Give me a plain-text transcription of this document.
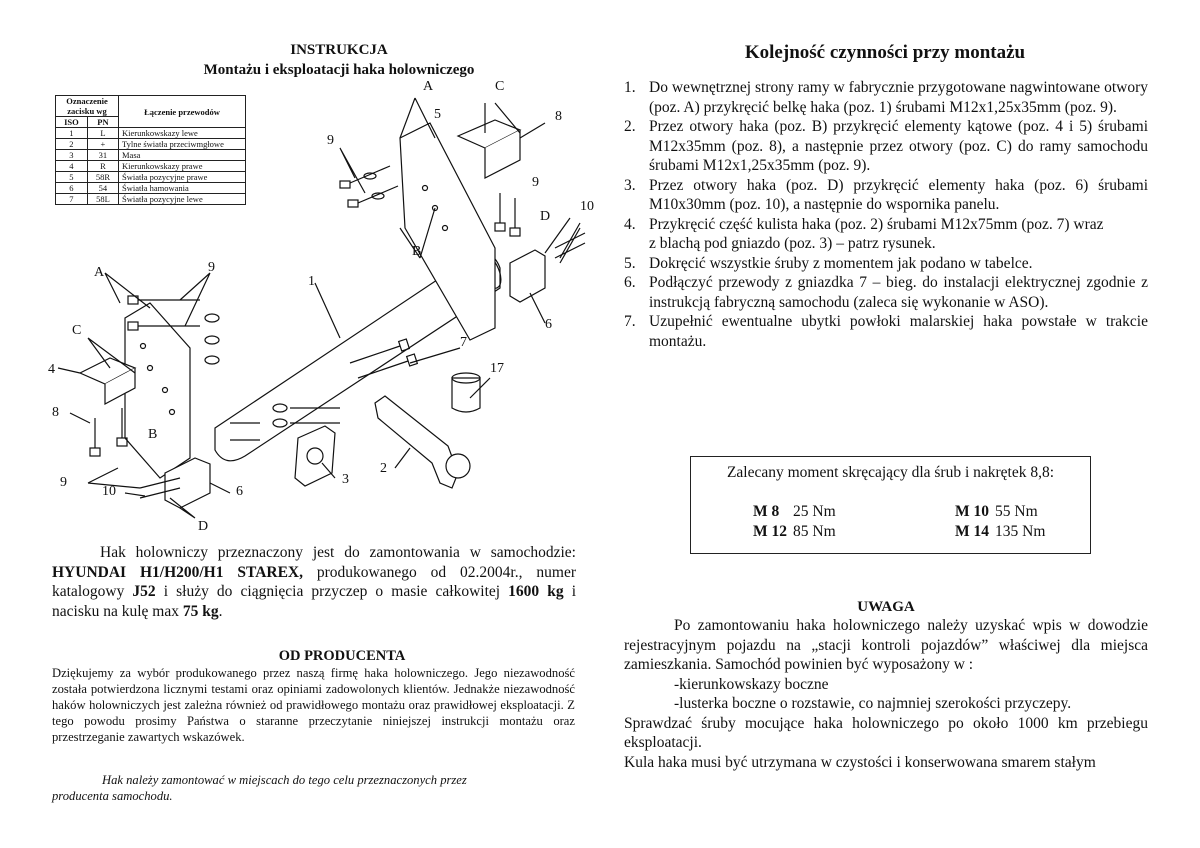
INSTRUKCJA
Montażu i eksploatacji haka holowniczego
A	C
5	8
9
9
10
D
B
1
6
A	9
C
4
8
B
7
17
9
10	6
D
3
2
Oznaczenie zacisku wg		Łączenie przewodów
ISO	PN	
1	L	Kierunkowskazy lewe
2	+	Tylne światła przeciwmgłowe
3	31	Masa
4	R	Kierunkowskazy prawe
5	58R	Światła pozycyjne prawe
6	54	Światła hamowania
7	58L	Światła pozycyjne lewe

Hak holowniczy przeznaczony jest do zamontowania w samochodzie: HYUNDAI H1/H200/H1 STAREX, produkowanego od 02.2004r., numer katalogowy J52 i służy do ciągnięcia przyczep o masie całkowitej 1600 kg i nacisku na kulę max 75 kg.

OD PRODUCENTA
Dziękujemy za wybór produkowanego przez naszą firmę haka holowniczego. Jego niezawodność została potwierdzona licznymi testami oraz opiniami zadowolonych klientów. Jednakże niezawodność haków holowniczych jest zależna również od prawidłowego montażu oraz prawidłowej eksploatacji. Z tego powodu prosimy Państwa o staranne przeczytanie niniejszej instrukcji montażu oraz przestrzeganie zawartych wskazówek.
Hak należy zamontować w miejscach do tego celu przeznaczonych przez
producenta samochodu.
Kolejność czynności przy montażu
1. Do wewnętrznej strony ramy w fabrycznie przygotowane nagwintowane otwory (poz. A) przykręcić belkę haka (poz. 1) śrubami M12x1,25x35mm (poz. 9).
2. Przez otwory haka (poz. B) przykręcić elementy kątowe (poz. 4 i 5) śrubami M12x35mm (poz. 8), a następnie przez otwory (poz. C) do ramy samochodu śrubami M12x1,25x35mm (poz. 9).
3. Przez otwory haka (poz. D) przykręcić elementy haka (poz. 6) śrubami M10x30mm (poz. 10), a następnie do wspornika panelu.
4. Przykręcić część kulista haka (poz. 2) śrubami M12x75mm (poz. 7) wraz
z blachą pod gniazdo (poz. 3) – patrz rysunek.
5. Dokręcić wszystkie śruby z momentem jak podano w tabelce.
6. Podłączyć przewody z gniazdka 7 – bieg. do instalacji elektrycznej zgodnie z instrukcją fabryczną samochodu (zaleca się wykonanie w ASO).
7. Uzupełnić ewentualne ubytki powłoki malarskiej haka powstałe w trakcie montażu.
Zalecany moment skręcający dla śrub i nakrętek 8,8:
M 8 25 Nm	M 10 55 Nm
M 12 85 Nm	M 14 135 Nm
UWAGA

Po zamontowaniu haka holowniczego należy uzyskać wpis w dowodzie rejestracyjnym pojazdu na „stacji kontroli pojazdów” właściwej dla miejsca zamieszkania. Samochód powinien być wyposażony w :

-kierunkowskazy boczne

-lusterka boczne o rozstawie, co najmniej szerokości przyczepy.

Sprawdzać śruby mocujące haka holowniczego po około 1000 km przebiegu eksploatacji.

Kula haka musi być utrzymana w czystości i konserwowana smarem stałym
